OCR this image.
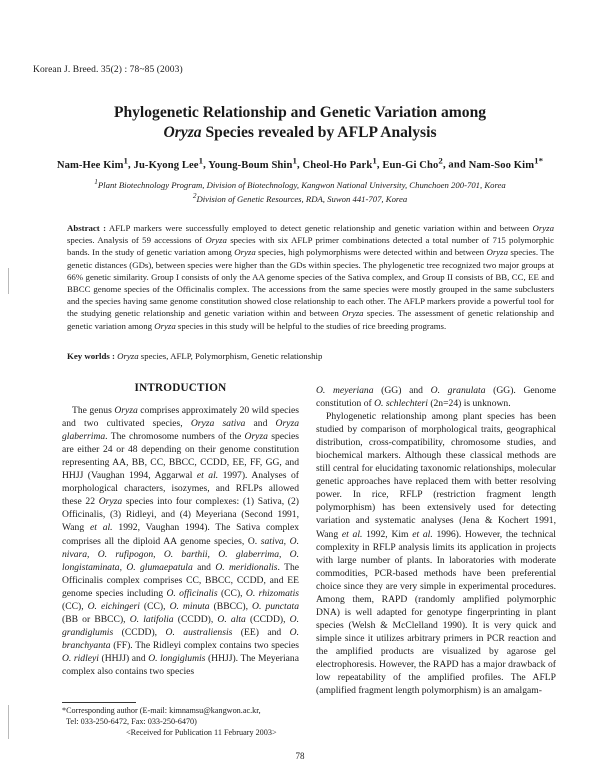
Korean J. Breed. 35(2) : 78~85 (2003)
Phylogenetic Relationship and Genetic Variation among
Oryza Species revealed by AFLP Analysis
Nam-Hee Kim$^1$, Ju-Kyong Lee$^1$, Young-Boum Shin$^1$, Cheol-Ho Park$^1$, Eun-Gi Cho$^2$, and Nam-Soo Kim$^{1*}$
$^1$Plant Biotechnology Program, Division of Biotechnology, Kangwon National University, Chunchoen 200-701, Korea
$^2$Division of Genetic Resources, RDA, Suwon 441-707, Korea
Abstract : AFLP markers were successfully employed to detect genetic relationship and genetic variation within and between Oryza species. Analysis of 59 accessions of Oryza species with six AFLP primer combinations detected a total number of 715 polymorphic bands. In the study of genetic variation among Oryza species, high polymorphisms were detected within and between Oryza species. The genetic distances (GDs), between species were higher than the GDs within species. The phylogenetic tree recognized two major groups at 66% genetic similarity. Group I consists of only the AA genome species of the Sativa complex, and Group II consists of BB, CC, EE and BBCC genome species of the Officinalis complex. The accessions from the same species were mostly grouped in the same subclusters and the species having same genome constitution showed close relationship to each other. The AFLP markers provide a powerful tool for the studying genetic relationship and genetic variation within and between Oryza species. The assessment of genetic relationship and genetic variation among Oryza species in this study will be helpful to the studies of rice breeding programs.
Key worlds : Oryza species, AFLP, Polymorphism, Genetic relationship
INTRODUCTION

The genus Oryza comprises approximately 20 wild species and two cultivated species, Oryza sativa and Oryza glaberrima. The chromosome numbers of the Oryza species are either 24 or 48 depending on their genome constitution representing AA, BB, CC, BBCC, CCDD, EE, FF, GG, and HHJJ (Vaughan 1994, Aggarwal et al. 1997). Analyses of morphological characters, isozymes, and RFLPs allowed these 22 Oryza species into four complexes: (1) Sativa, (2) Officinalis, (3) Ridleyi, and (4) Meyeriana (Second 1991, Wang et al. 1992, Vaughan 1994). The Sativa complex comprises all the diploid AA genome species, O. sativa, O. nivara, O. rufipogon, O. barthii, O. glaberrima, O. longistaminata, O. glumaepatula and O. meridionalis. The Officinalis complex comprises CC, BBCC, CCDD, and EE genome species including O. officinalis (CC), O. rhizomatis (CC), O. eichingeri (CC), O. minuta (BBCC), O. punctata (BB or BBCC), O. latifolia (CCDD), O. alta (CCDD), O. grandiglumis (CCDD), O. australiensis (EE) and O. branchyanta (FF). The Ridleyi complex contains two species O. ridleyi (HHJJ) and O. longiglumis (HHJJ). The Meyeriana complex also contains two species

O. meyeriana (GG) and O. granulata (GG). Genome constitution of O. schlechteri (2n=24) is unknown.

Phylogenetic relationship among plant species has been studied by comparison of morphological traits, geographical distribution, cross-compatibility, chromosome studies, and biochemical markers. Although these classical methods are still central for elucidating taxonomic relationships, molecular genetic approaches have replaced them with better resolving power. In rice, RFLP (restriction fragment length polymorphism) has been extensively used for detecting variation and systematic analyses (Jena & Kochert 1991, Wang et al. 1992, Kim et al. 1996). However, the technical complexity in RFLP analysis limits its application in projects with large number of plants. In laboratories with moderate commodities, PCR-based methods have been preferential choice since they are very simple in experimental procedures. Among them, RAPD (randomly amplified polymorphic DNA) is well adapted for genotype fingerprinting in plant species (Welsh & McClelland 1990). It is very quick and simple since it utilizes arbitrary primers in PCR reaction and the amplified products are visualized by agarose gel electrophoresis. However, the RAPD has a major drawback of low repeatability of the amplified profiles. The AFLP (amplified fragment length polymorphism) is an amalgam-

*Corresponding author (E-mail: kimnamsu@kangwon.ac.kr,
Tel: 033-250-6472, Fax: 033-250-6470)
<Received for Publication 11 February 2003>
78
